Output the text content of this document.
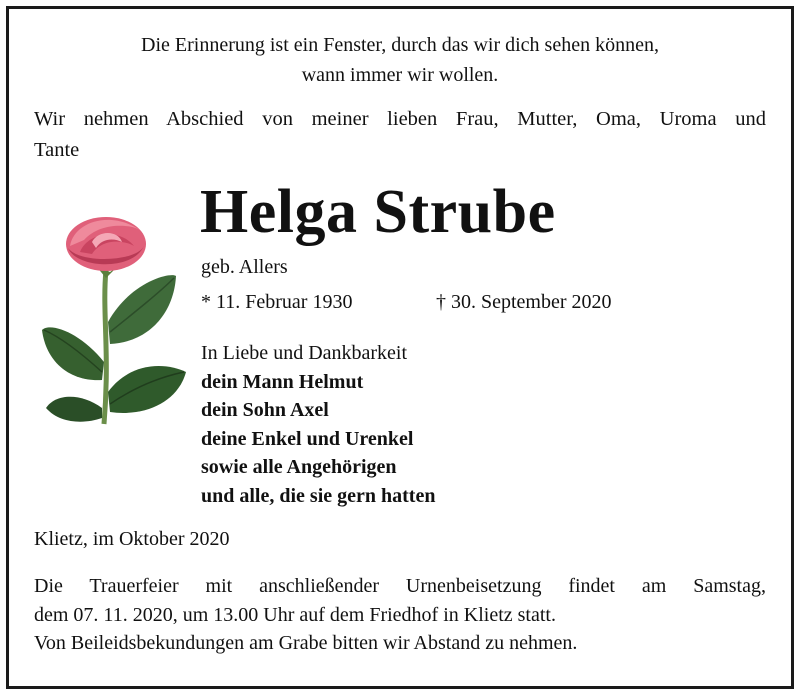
Die Erinnerung ist ein Fenster, durch das wir dich sehen können,
wann immer wir wollen.
Wir nehmen Abschied von meiner lieben Frau, Mutter, Oma, Uroma und
Tante
Helga Strube
geb. Allers
* 11. Februar 1930	† 30. September 2020
In Liebe und Dankbarkeit
dein Mann Helmut
dein Sohn Axel
deine Enkel und Urenkel
sowie alle Angehörigen
und alle, die sie gern hatten
Klietz, im Oktober 2020
Die Trauerfeier mit anschließender Urnenbeisetzung findet am Samstag,
dem 07. 11. 2020, um 13.00 Uhr auf dem Friedhof in Klietz statt.
Von Beileidsbekundungen am Grabe bitten wir Abstand zu nehmen.
